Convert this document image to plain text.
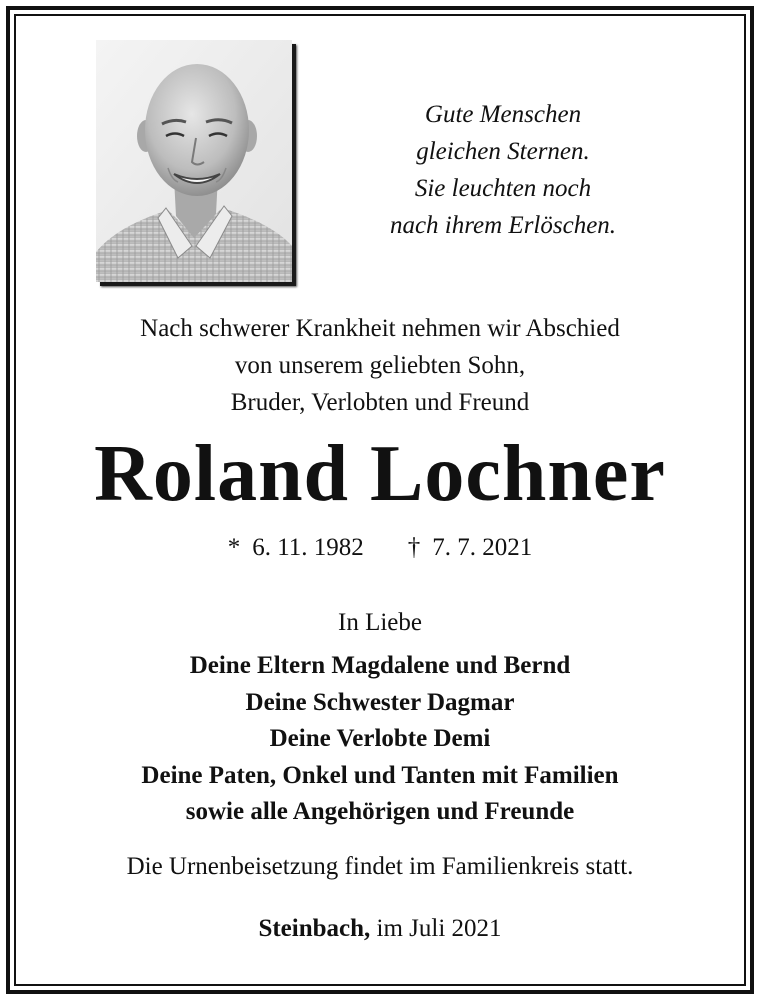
Gute Menschen
gleichen Sternen.
Sie leuchten noch
nach ihrem Erlöschen.
Nach schwerer Krankheit nehmen wir Abschied
von unserem geliebten Sohn,
Bruder, Verlobten und Freund
Roland Lochner
* 6. 11. 1982 † 7. 7. 2021
In Liebe
Deine Eltern Magdalene und Bernd
Deine Schwester Dagmar
Deine Verlobte Demi
Deine Paten, Onkel und Tanten mit Familien
sowie alle Angehörigen und Freunde
Die Urnenbeisetzung findet im Familienkreis statt.
Steinbach, im Juli 2021
